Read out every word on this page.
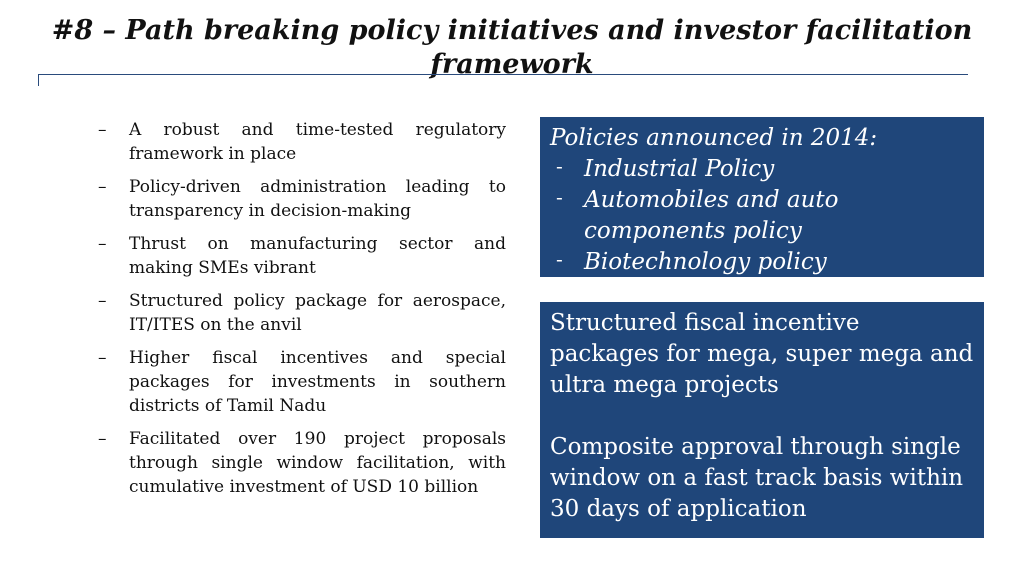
#8 – Path breaking policy initiatives and investor facilitation framework
– A robust and time-tested regulatory framework in place
– Policy-driven administration leading to transparency in decision-making
– Thrust on manufacturing sector and making SMEs vibrant
– Structured policy package for aerospace, IT/ITES on the anvil
– Higher fiscal incentives and special packages for investments in southern districts of Tamil Nadu
– Facilitated over 190 project proposals through single window facilitation, with cumulative investment of USD 10 billion
Policies announced in 2014:
- Industrial Policy
- Automobiles and auto components policy
- Biotechnology policy

Structured fiscal incentive packages for mega, super mega and ultra mega projects

Composite approval through single window on a fast track basis within 30 days of application
